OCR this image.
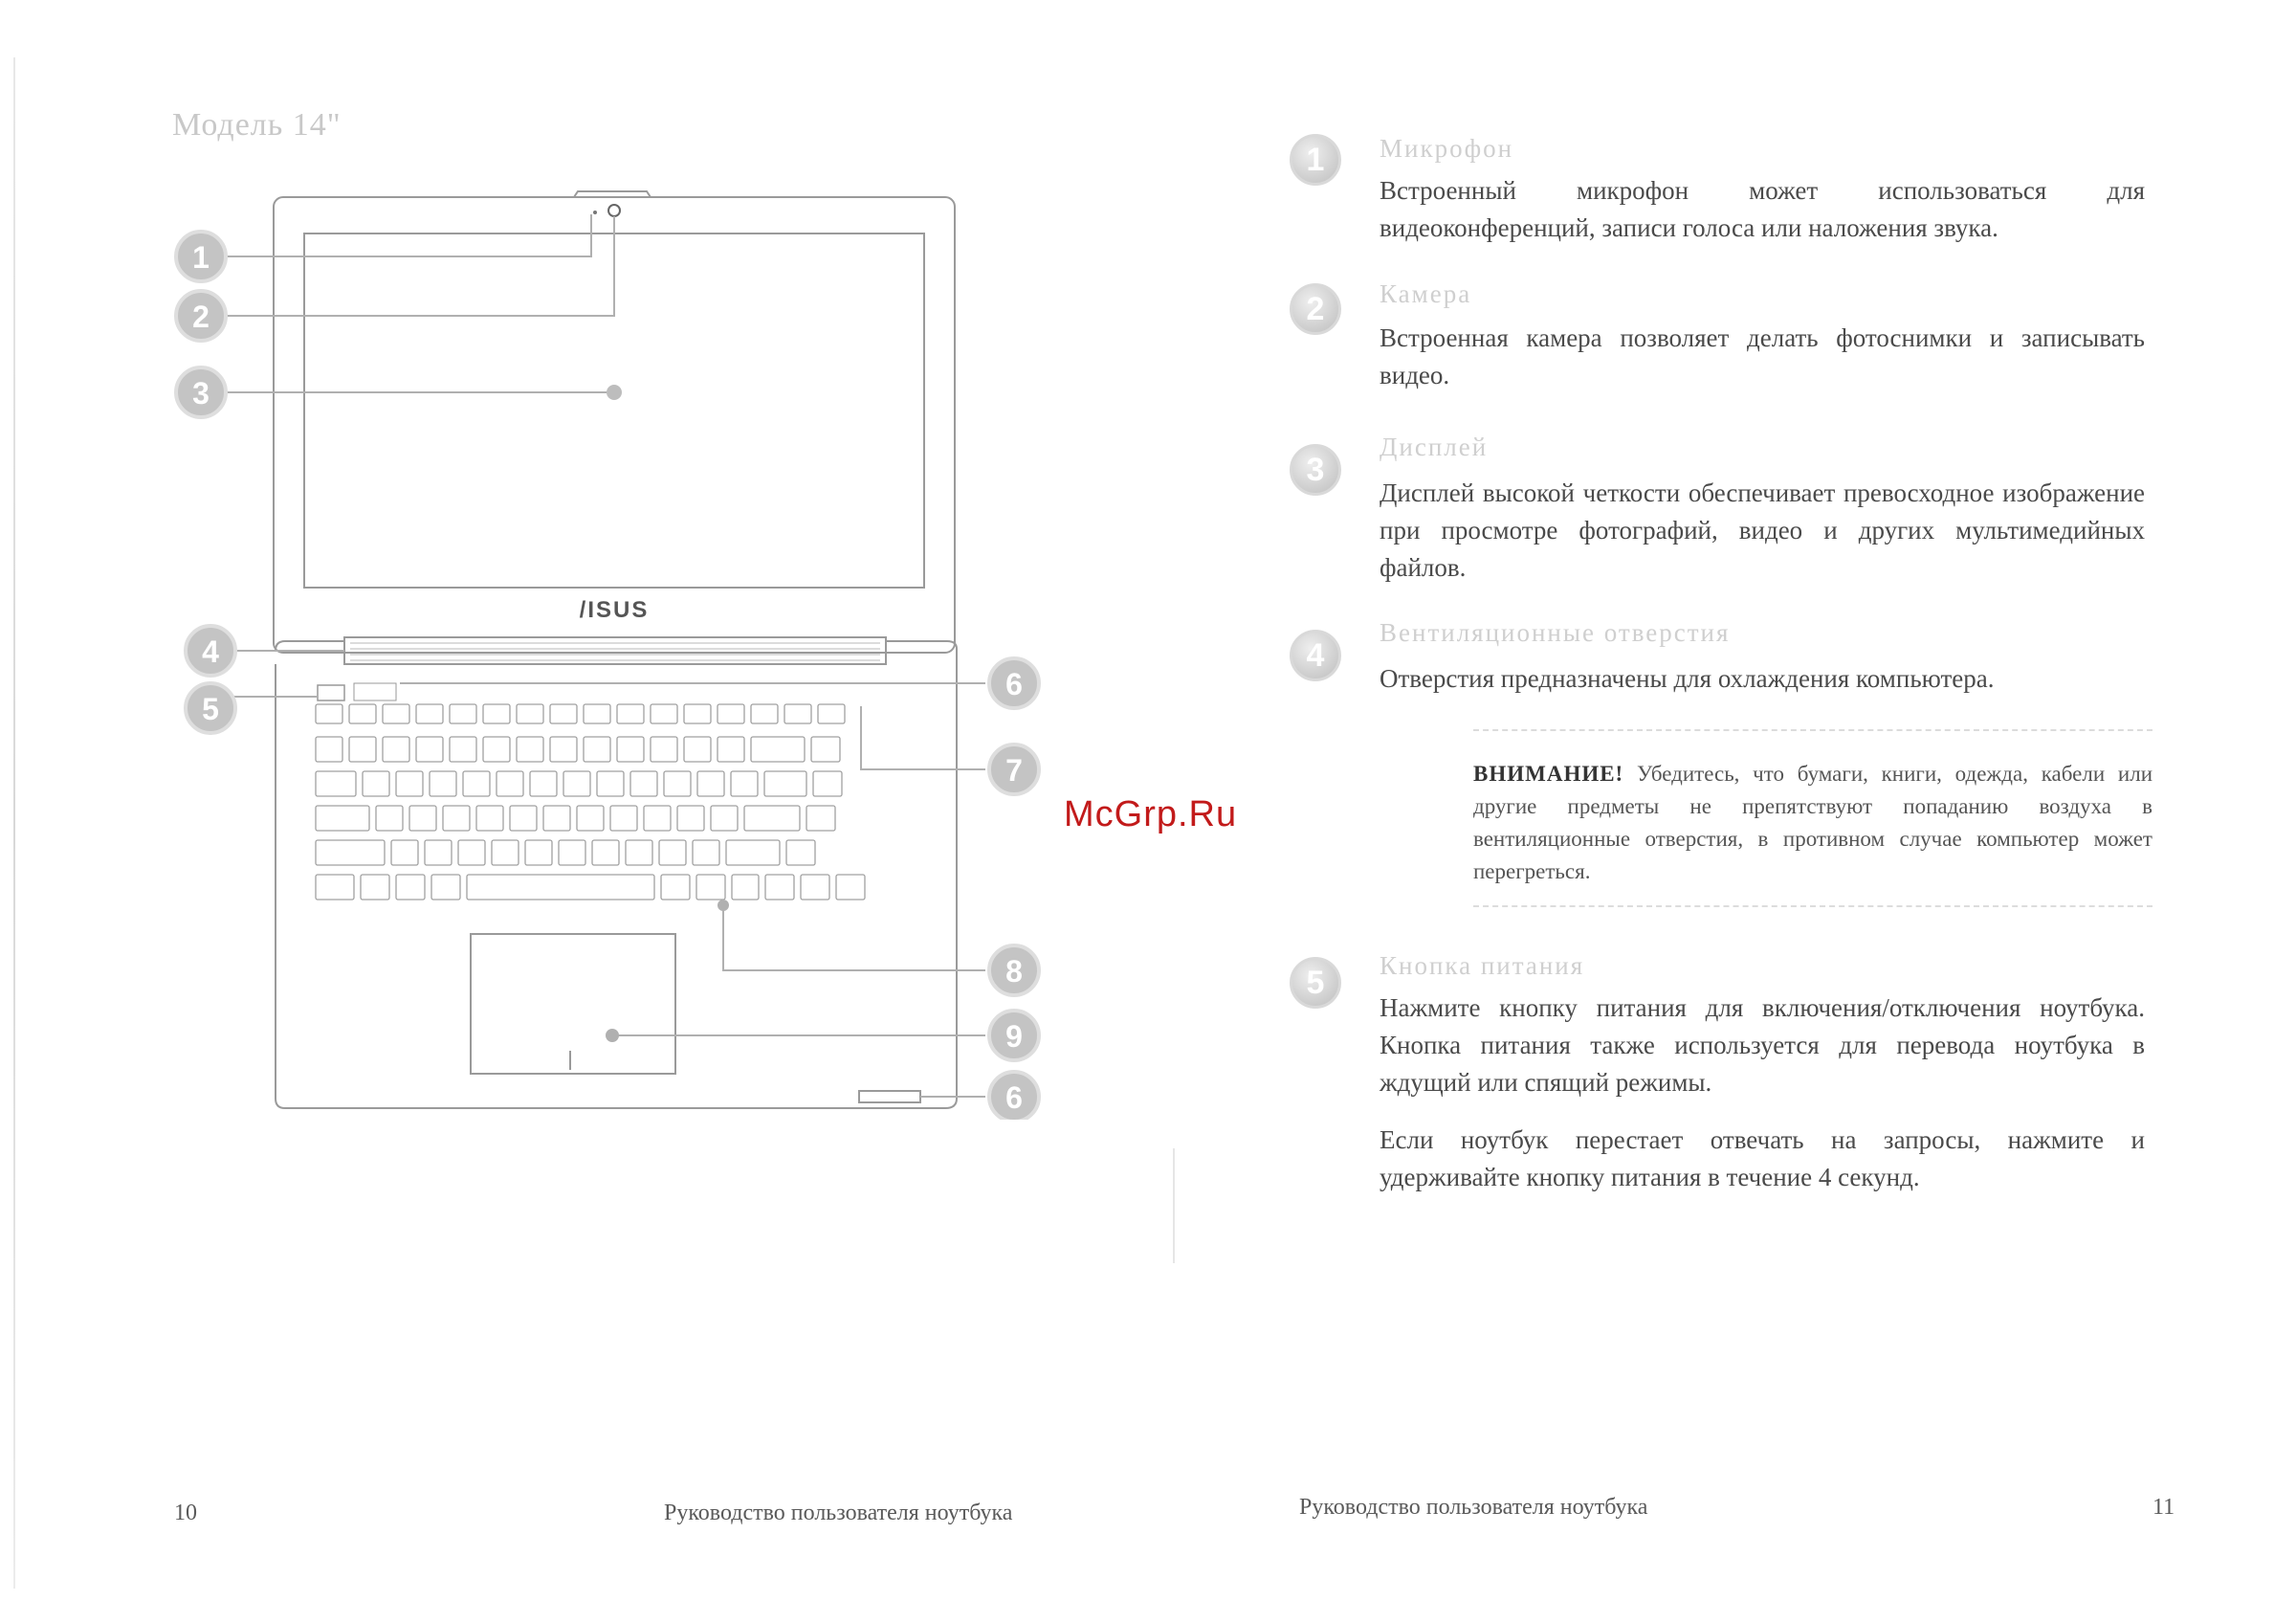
Модель 14"
/ISUS
1
2
3
4
5
6
7
8
9
6
10	Руководство пользователя ноутбука
1	Микрофон
Встроенный микрофон может использоваться для видеоконференций, записи голоса или наложения звука.
2	Камера
Встроенная камера позволяет делать фотоснимки и записывать видео.
3
Дисплей
Дисплей высокой четкости обеспечивает превосходное изображение при просмотре фотографий, видео и других мультимедийных файлов.
4
Вентиляционные отверстия
Отверстия предназначены для охлаждения компьютера.
ВНИМАНИЕ! Убедитесь, что бумаги, книги, одежда, кабели или другие предметы не препятствуют попаданию воздуха в вентиляционные отверстия, в противном случае компьютер может перегреться.
5	Кнопка питания
Нажмите кнопку питания для включения/отключения ноутбука. Кнопка питания также используется для перевода ноутбука в ждущий или спящий режимы.
Если ноутбук перестает отвечать на запросы, нажмите и удерживайте кнопку питания в течение 4 секунд.
Руководство пользователя ноутбука	11
McGrp.Ru
